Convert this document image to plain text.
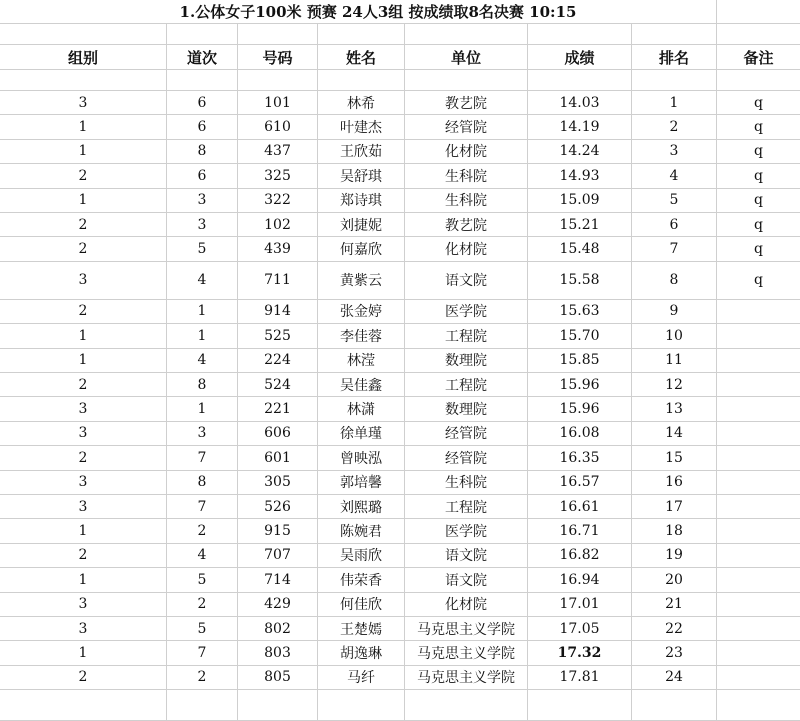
1.公体女子100米 预赛 24人3组 按成绩取8名决赛 10:15
组别	道次	号码	姓名	单位	成绩	排名	备注
3	6	101	林希	教艺院	14.03	1	q
1	6	610	叶建杰	经管院	14.19	2	q
1	8	437	王欣茹	化材院	14.24	3	q
2	6	325	吴舒琪	生科院	14.93	4	q
1	3	322	郑诗琪	生科院	15.09	5	q
2	3	102	刘捷妮	教艺院	15.21	6	q
2	5	439	何嘉欣	化材院	15.48	7	q
3	4	711	黄紫云	语文院	15.58	8	q
2	1	914	张金婷	医学院	15.63	9
1	1	525	李佳蓉	工程院	15.70	10
1	4	224	林滢	数理院	15.85	11
2	8	524	吴佳鑫	工程院	15.96	12
3	1	221	林潇	数理院	15.96	13
3	3	606	徐单瑾	经管院	16.08	14
2	7	601	曾映泓	经管院	16.35	15
3	8	305	郭培馨	生科院	16.57	16
3	7	526	刘熙璐	工程院	16.61	17
1	2	915	陈婉君	医学院	16.71	18
2	4	707	吴雨欣	语文院	16.82	19
1	5	714	伟荣香	语文院	16.94	20
3	2	429	何佳欣	化材院	17.01	21
3	5	802	王楚嫣	马克思主义学院	17.05	22
1	7	803	胡逸琳	马克思主义学院	17.32	23
2	2	805	马纤	马克思主义学院	17.81	24
